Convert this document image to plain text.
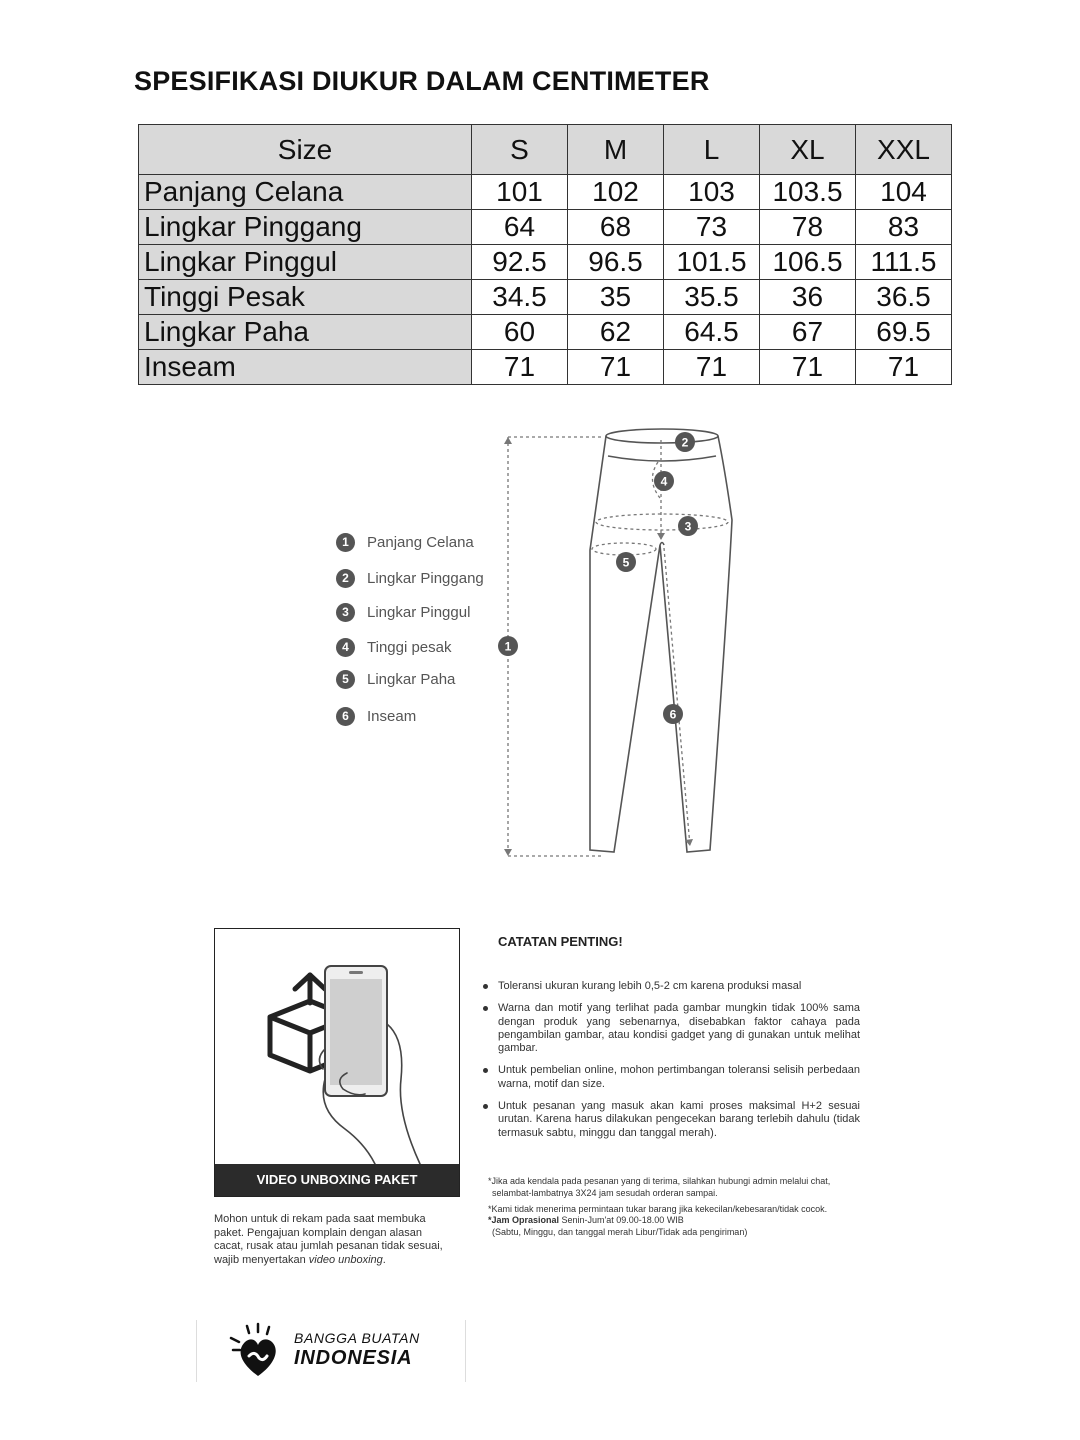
SPESIFIKASI DIUKUR DALAM CENTIMETER
Size	S	M	L	XL	XXL
Panjang Celana	101	102	103	103.5	104
Lingkar Pinggang	64	68	73	78	83
Lingkar Pinggul	92.5	96.5	101.5	106.5	111.5
Tinggi Pesak	34.5	35	35.5	36	36.5
Lingkar Paha	60	62	64.5	67	69.5
Inseam	71	71	71	71	71
1 Panjang Celana
2 Lingkar Pinggang
3 Lingkar Pinggul
4 Tinggi pesak
5 Lingkar Paha
6 Inseam
1
2
3
4
5
6
VIDEO UNBOXING PAKET
Mohon untuk di rekam pada saat membuka
paket. Pengajuan komplain dengan alasan
cacat, rusak atau jumlah pesanan tidak sesuai,
wajib menyertakan video unboxing.
CATATAN PENTING!
Toleransi ukuran kurang lebih 0,5-2 cm karena produksi masal
Warna dan motif yang terlihat pada gambar mungkin tidak 100% sama dengan produk yang sebenarnya, disebabkan faktor cahaya pada pengambilan gambar, atau kondisi gadget yang di gunakan untuk melihat gambar.
Untuk pembelian online, mohon pertimbangan toleransi selisih perbedaan warna, motif dan size.
Untuk pesanan yang masuk akan kami proses maksimal H+2 sesuai urutan. Karena harus dilakukan pengecekan barang terlebih dahulu (tidak termasuk sabtu, minggu dan tanggal merah).
*Jika ada kendala pada pesanan yang di terima, silahkan hubungi admin melalui chat,
selambat-lambatnya 3X24 jam sesudah orderan sampai.
*Kami tidak menerima permintaan tukar barang jika kekecilan/kebesaran/tidak cocok.
*Jam Oprasional Senin-Jum'at 09.00-18.00 WIB
(Sabtu, Minggu, dan tanggal merah Libur/Tidak ada pengiriman)
BANGGA BUATAN
INDONESIA
